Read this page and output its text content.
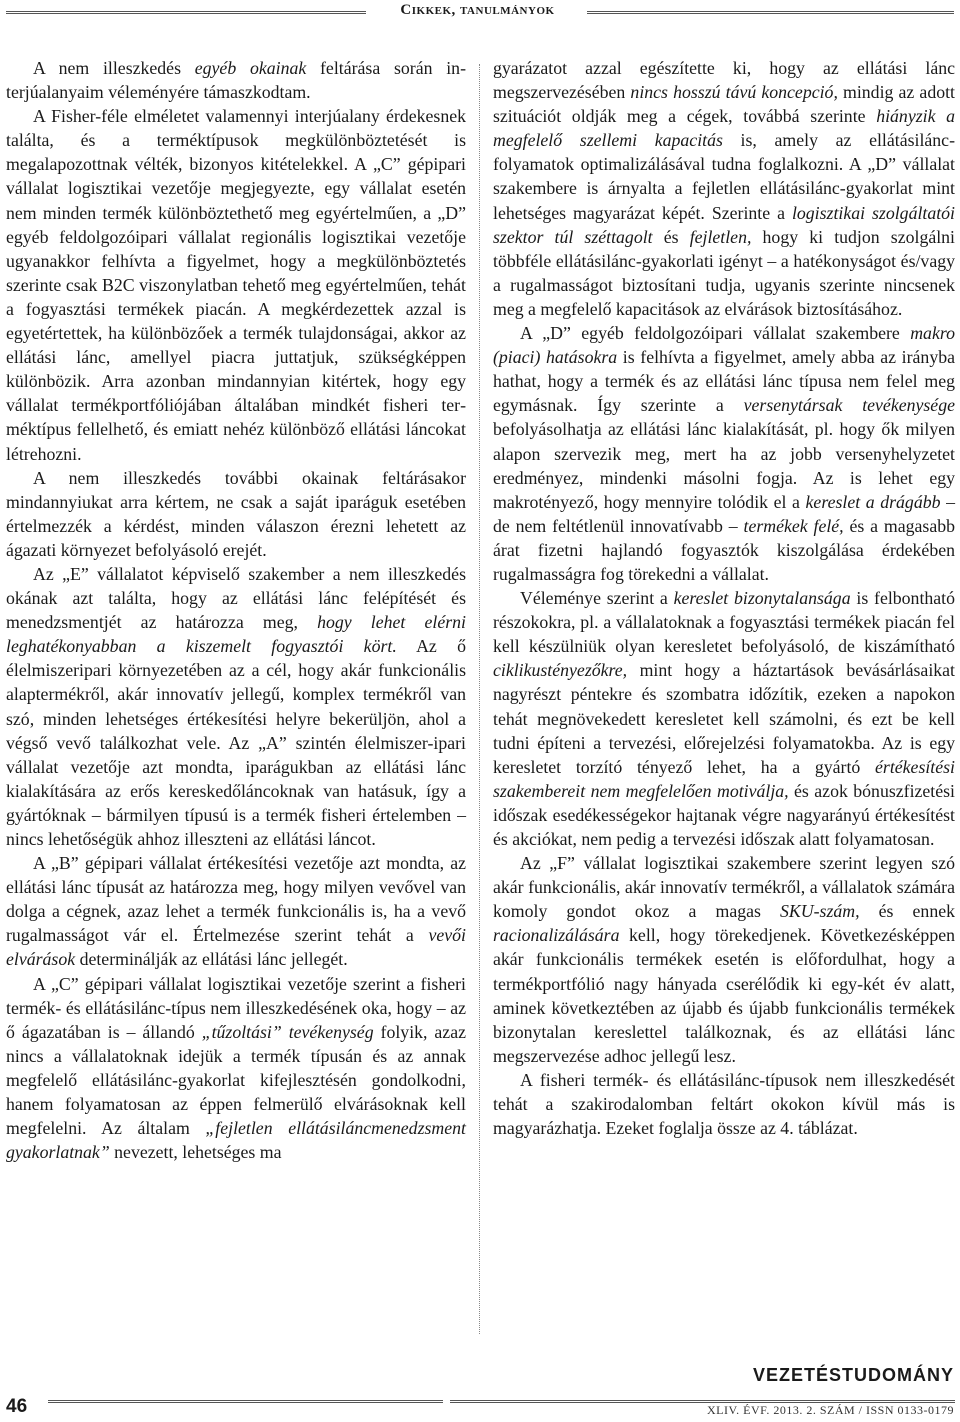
Cikkek, tanulmányok

A nem illeszkedés egyéb okainak feltárása során interjúalanyaim véleményére támaszkodtam.

A Fisher-féle elméletet valamennyi interjúalany érdekesnek találta, és a terméktípusok megkülönböztetését is megalapozottnak vélték, bizonyos kitételekkel. A „C” gépipari vállalat logisztikai vezetője megjegyezte, egy vállalat esetén nem minden termék különböztethető meg egyértelműen, a „D” egyéb feldolgozóipari vállalat regionális logisztikai vezetője ugyanakkor felhívta a figyelmet, hogy a megkülönböztetés szerinte csak B2C viszonylatban tehető meg egyértelműen, tehát a fogyasztási termékek piacán. A megkérdezettek azzal is egyetértettek, ha különbözőek a termék tulajdonságai, akkor az ellátási lánc, amellyel piacra juttatjuk, szükségképpen különbözik. Arra azonban mindannyian kitértek, hogy egy vállalat termékportfóliójában általában mindkét fisheri terméktípus fellelhető, és emiatt nehéz különböző ellátási láncokat létrehozni.

A nem illeszkedés további okainak feltárásakor mindannyiukat arra kértem, ne csak a saját iparáguk esetében értelmezzék a kérdést, minden válaszon érezni lehetett az ágazati környezet befolyásoló erejét.

Az „E” vállalatot képviselő szakember a nem illeszkedés okának azt találta, hogy az ellátási lánc felépítését és menedzsmentjét az határozza meg, hogy lehet elérni leghatékonyabban a kiszemelt fogyasztói kört. Az ő élelmiszeripari környezetében az a cél, hogy akár funkcionális alaptermékről, akár innovatív jellegű, komplex termékről van szó, minden lehetséges értékesítési helyre bekerüljön, ahol a végső vevő találkozhat vele. Az „A” szintén élelmiszer-ipari vállalat vezetője azt mondta, iparágukban az ellátási lánc kialakítására az erős kereskedőláncoknak van hatásuk, így a gyártóknak – bármilyen típusú is a termék fisheri értelemben – nincs lehetőségük ahhoz illeszteni az ellátási láncot.

A „B” gépipari vállalat értékesítési vezetője azt mondta, az ellátási lánc típusát az határozza meg, hogy milyen vevővel van dolga a cégnek, azaz lehet a termék funkcionális is, ha a vevő rugalmasságot vár el. Értelmezése szerint tehát a vevői elvárások determinálják az ellátási lánc jellegét.

A „C” gépipari vállalat logisztikai vezetője szerint a fisheri termék- és ellátásilánc-típus nem illeszkedésének oka, hogy – az ő ágazatában is – állandó „tűzoltási” tevékenység folyik, azaz nincs a vállalatoknak idejük a termék típusán és az annak megfelelő ellátásilánc-gyakorlat kifejlesztésén gondolkodni, hanem folyamatosan az éppen felmerülő elvárásoknak kell megfelelni. Az általam „fejletlen ellátásiláncmenedzsment gyakorlatnak” nevezett, lehetséges ma

gyarázatot azzal egészítette ki, hogy az ellátási lánc megszervezésében nincs hosszú távú koncepció, mindig az adott szituációt oldják meg a cégek, továbbá szerinte hiányzik a megfelelő szellemi kapacitás is, amely az ellátásilánc-folyamatok optimalizálásával tudna foglalkozni. A „D” vállalat szakembere is árnyalta a fejletlen ellátásilánc-gyakorlat mint lehetséges magyarázat képét. Szerinte a logisztikai szolgáltatói szektor túl széttagolt és fejletlen, hogy ki tudjon szolgálni többféle ellátásilánc-gyakorlati igényt – a hatékonyságot és/vagy a rugalmasságot biztosítani tudja, ugyanis szerinte nincsenek meg a megfelelő kapacitások az elvárások biztosításához.

A „D” egyéb feldolgozóipari vállalat szakembere makro (piaci) hatásokra is felhívta a figyelmet, amely abba az irányba hathat, hogy a termék és az ellátási lánc típusa nem felel meg egymásnak. Így szerinte a versenytársak tevékenysége befolyásolhatja az ellátási lánc kialakítását, pl. hogy ők milyen alapon szervezik meg, mert ha az jobb versenyhelyzetet eredményez, mindenki másolni fogja. Az is lehet egy makrotényező, hogy mennyire tolódik el a kereslet a drágább – de nem feltétlenül innovatívabb – termékek felé, és a magasabb árat fizetni hajlandó fogyasztók kiszolgálása érdekében rugalmasságra fog törekedni a vállalat.

Véleménye szerint a kereslet bizonytalansága is felbontható részokokra, pl. a vállalatoknak a fogyasztási termékek piacán fel kell készülniük olyan keresletet befolyásoló, de kiszámítható ciklikustényezőkre, mint hogy a háztartások bevásárlásaikat nagyrészt péntekre és szombatra időzítik, ezeken a napokon tehát megnövekedett keresletet kell számolni, és ezt be kell tudni építeni a tervezési, előrejelzési folyamatokba. Az is egy keresletet torzító tényező lehet, ha a gyártó értékesítési szakembereit nem megfelelően motiválja, és azok bónuszfizetési időszak esedékességekor hajtanak végre nagyarányú értékesítést és akciókat, nem pedig a tervezési időszak alatt folyamatosan.

Az „F” vállalat logisztikai szakembere szerint legyen szó akár funkcionális, akár innovatív termékről, a vállalatok számára komoly gondot okoz a magas SKU-szám, és ennek racionalizálására kell, hogy törekedjenek. Következésképpen akár funkcionális termékek esetén is előfordulhat, hogy a termékportfólió nagy hányada cserélődik ki egy-két év alatt, aminek következtében az újabb és újabb funkcionális termékek bizonytalan kereslettel találkoznak, és az ellátási lánc megszervezése adhoc jellegű lesz.

A fisheri termék- és ellátásilánc-típusok nem illeszkedését tehát a szakirodalomban feltárt okokon kívül más is magyarázhatja. Ezeket foglalja össze az 4. táblázat.

VEZETÉSTUDOMÁNY
46	XLIV. ÉVF. 2013. 2. SZÁM / ISSN 0133-0179
